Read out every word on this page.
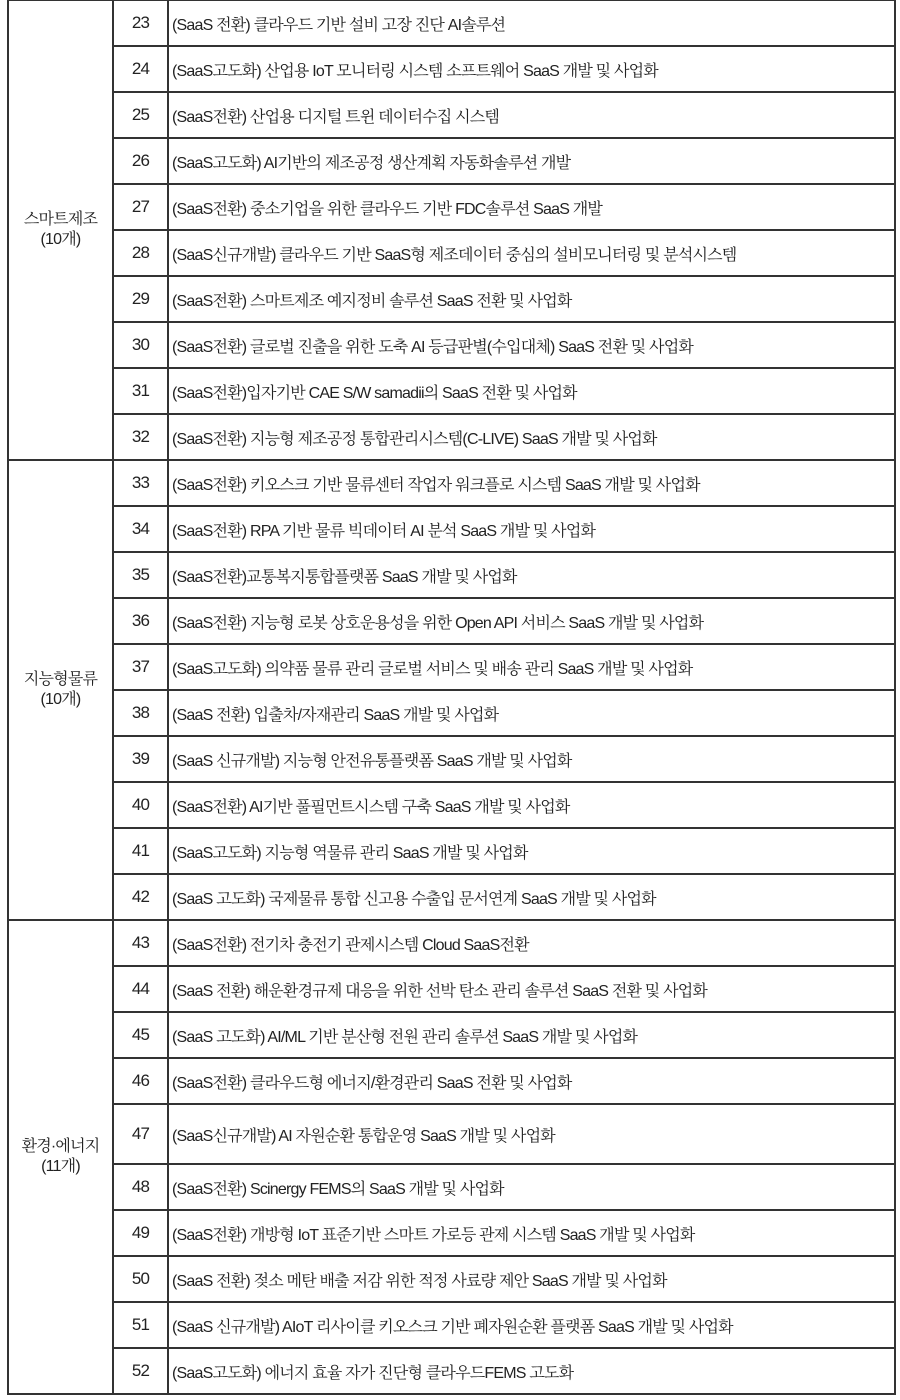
스마트제조
(10개)	23	(SaaS 전환) 클라우드 기반 설비 고장 진단 AI솔루션
	24	(SaaS고도화) 산업용 IoT 모니터링 시스템 소프트웨어 SaaS 개발 및 사업화
	25	(SaaS전환) 산업용 디지털 트윈 데이터수집 시스템
	26	(SaaS고도화) AI기반의 제조공정 생산계획 자동화솔루션 개발
	27	(SaaS전환) 중소기업을 위한 클라우드 기반 FDC솔루션 SaaS 개발
	28	(SaaS신규개발) 클라우드 기반 SaaS형 제조데이터 중심의 설비모니터링 및 분석시스템
	29	(SaaS전환) 스마트제조 예지정비 솔루션 SaaS 전환 및 사업화
	30	(SaaS전환) 글로벌 진출을 위한 도축 AI 등급판별(수입대체) SaaS 전환 및 사업화
	31	(SaaS전환)입자기반 CAE S/W samadii의 SaaS 전환 및 사업화
	32	(SaaS전환) 지능형 제조공정 통합관리시스템(C-LIVE) SaaS 개발 및 사업화

지능형물류
(10개)	33	(SaaS전환) 키오스크 기반 물류센터 작업자 워크플로 시스템 SaaS 개발 및 사업화
	34	(SaaS전환) RPA 기반 물류 빅데이터 AI 분석 SaaS 개발 및 사업화
	35	(SaaS전환)교통복지통합플랫폼 SaaS 개발 및 사업화
	36	(SaaS전환) 지능형 로봇 상호운용성을 위한 Open API 서비스 SaaS 개발 및 사업화
	37	(SaaS고도화) 의약품 물류 관리 글로벌 서비스 및 배송 관리 SaaS 개발 및 사업화
	38	(SaaS 전환) 입출차/자재관리 SaaS 개발 및 사업화
	39	(SaaS 신규개발) 지능형 안전유통플랫폼 SaaS 개발 및 사업화
	40	(SaaS전환) AI기반 풀필먼트시스템 구축 SaaS 개발 및 사업화
	41	(SaaS고도화) 지능형 역물류 관리 SaaS 개발 및 사업화
	42	(SaaS 고도화) 국제물류 통합 신고용 수출입 문서연계 SaaS 개발 및 사업화

환경·에너지
(11개)	43	(SaaS전환) 전기차 충전기 관제시스템 Cloud SaaS전환
	44	(SaaS 전환) 해운환경규제 대응을 위한 선박 탄소 관리 솔루션 SaaS 전환 및 사업화
	45	(SaaS 고도화) AI/ML 기반 분산형 전원 관리 솔루션 SaaS 개발 및 사업화
	46	(SaaS전환) 클라우드형 에너지/환경관리 SaaS 전환 및 사업화
	47	(SaaS신규개발) AI 자원순환 통합운영 SaaS 개발 및 사업화
	48	(SaaS전환) Scinergy FEMS의 SaaS 개발 및 사업화
	49	(SaaS전환) 개방형 IoT 표준기반 스마트 가로등 관제 시스템 SaaS 개발 및 사업화
	50	(SaaS 전환) 젖소 메탄 배출 저감 위한 적정 사료량 제안 SaaS 개발 및 사업화
	51	(SaaS 신규개발) AIoT 리사이클 키오스크 기반 폐자원순환 플랫폼 SaaS 개발 및 사업화
	52	(SaaS고도화) 에너지 효율 자가 진단형 클라우드FEMS 고도화
